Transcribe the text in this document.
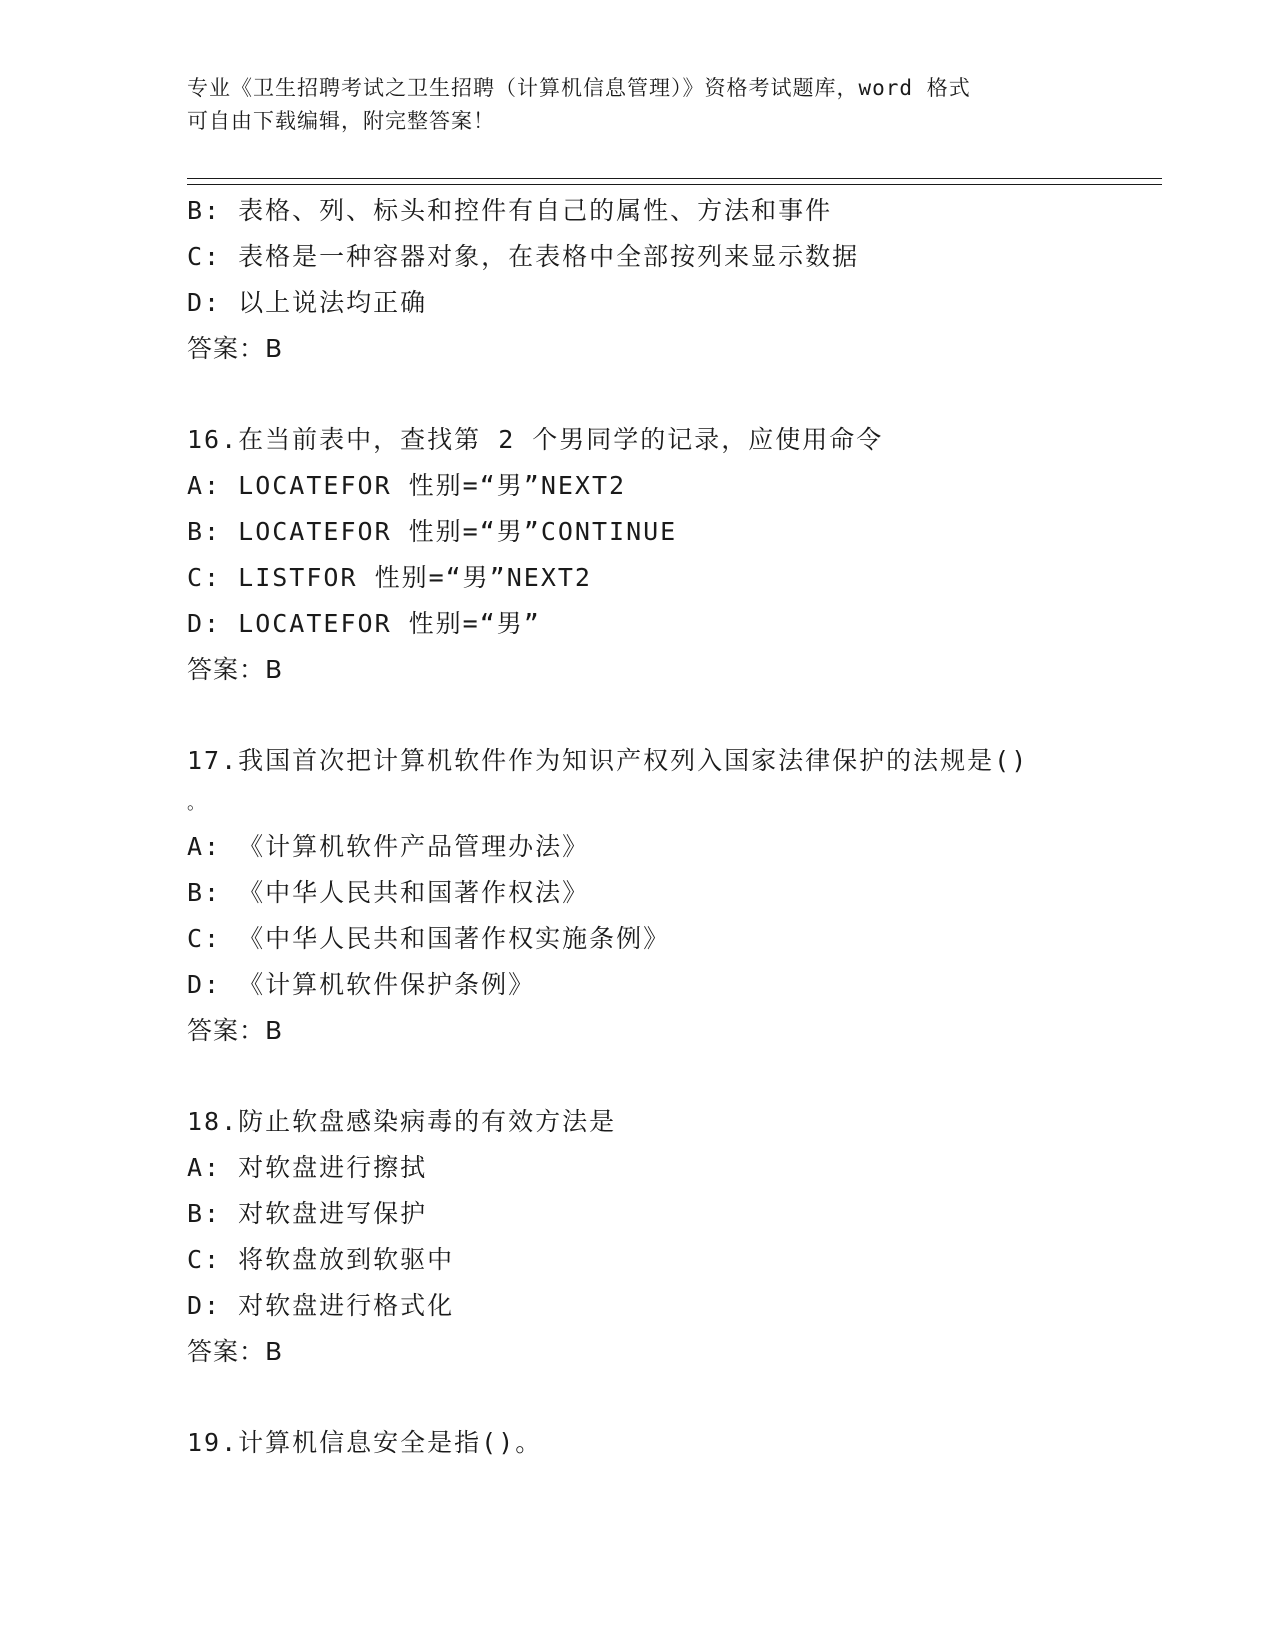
专业《卫生招聘考试之卫生招聘（计算机信息管理）》资格考试题库，word 格式
可自由下载编辑，附完整答案！
B: 表格、列、标头和控件有自己的属性、方法和事件
C: 表格是一种容器对象，在表格中全部按列来显示数据
D: 以上说法均正确
答案：B
16.在当前表中，查找第 2 个男同学的记录，应使用命令
A: LOCATEFOR 性别=“男”NEXT2
B: LOCATEFOR 性别=“男”CONTINUE
C: LISTFOR 性别=“男”NEXT2
D: LOCATEFOR 性别=“男”
答案：B
17.我国首次把计算机软件作为知识产权列入国家法律保护的法规是()
。
A: 《计算机软件产品管理办法》
B: 《中华人民共和国著作权法》
C: 《中华人民共和国著作权实施条例》
D: 《计算机软件保护条例》
答案：B
18.防止软盘感染病毒的有效方法是
A: 对软盘进行擦拭
B: 对软盘进写保护
C: 将软盘放到软驱中
D: 对软盘进行格式化
答案：B
19.计算机信息安全是指()。
